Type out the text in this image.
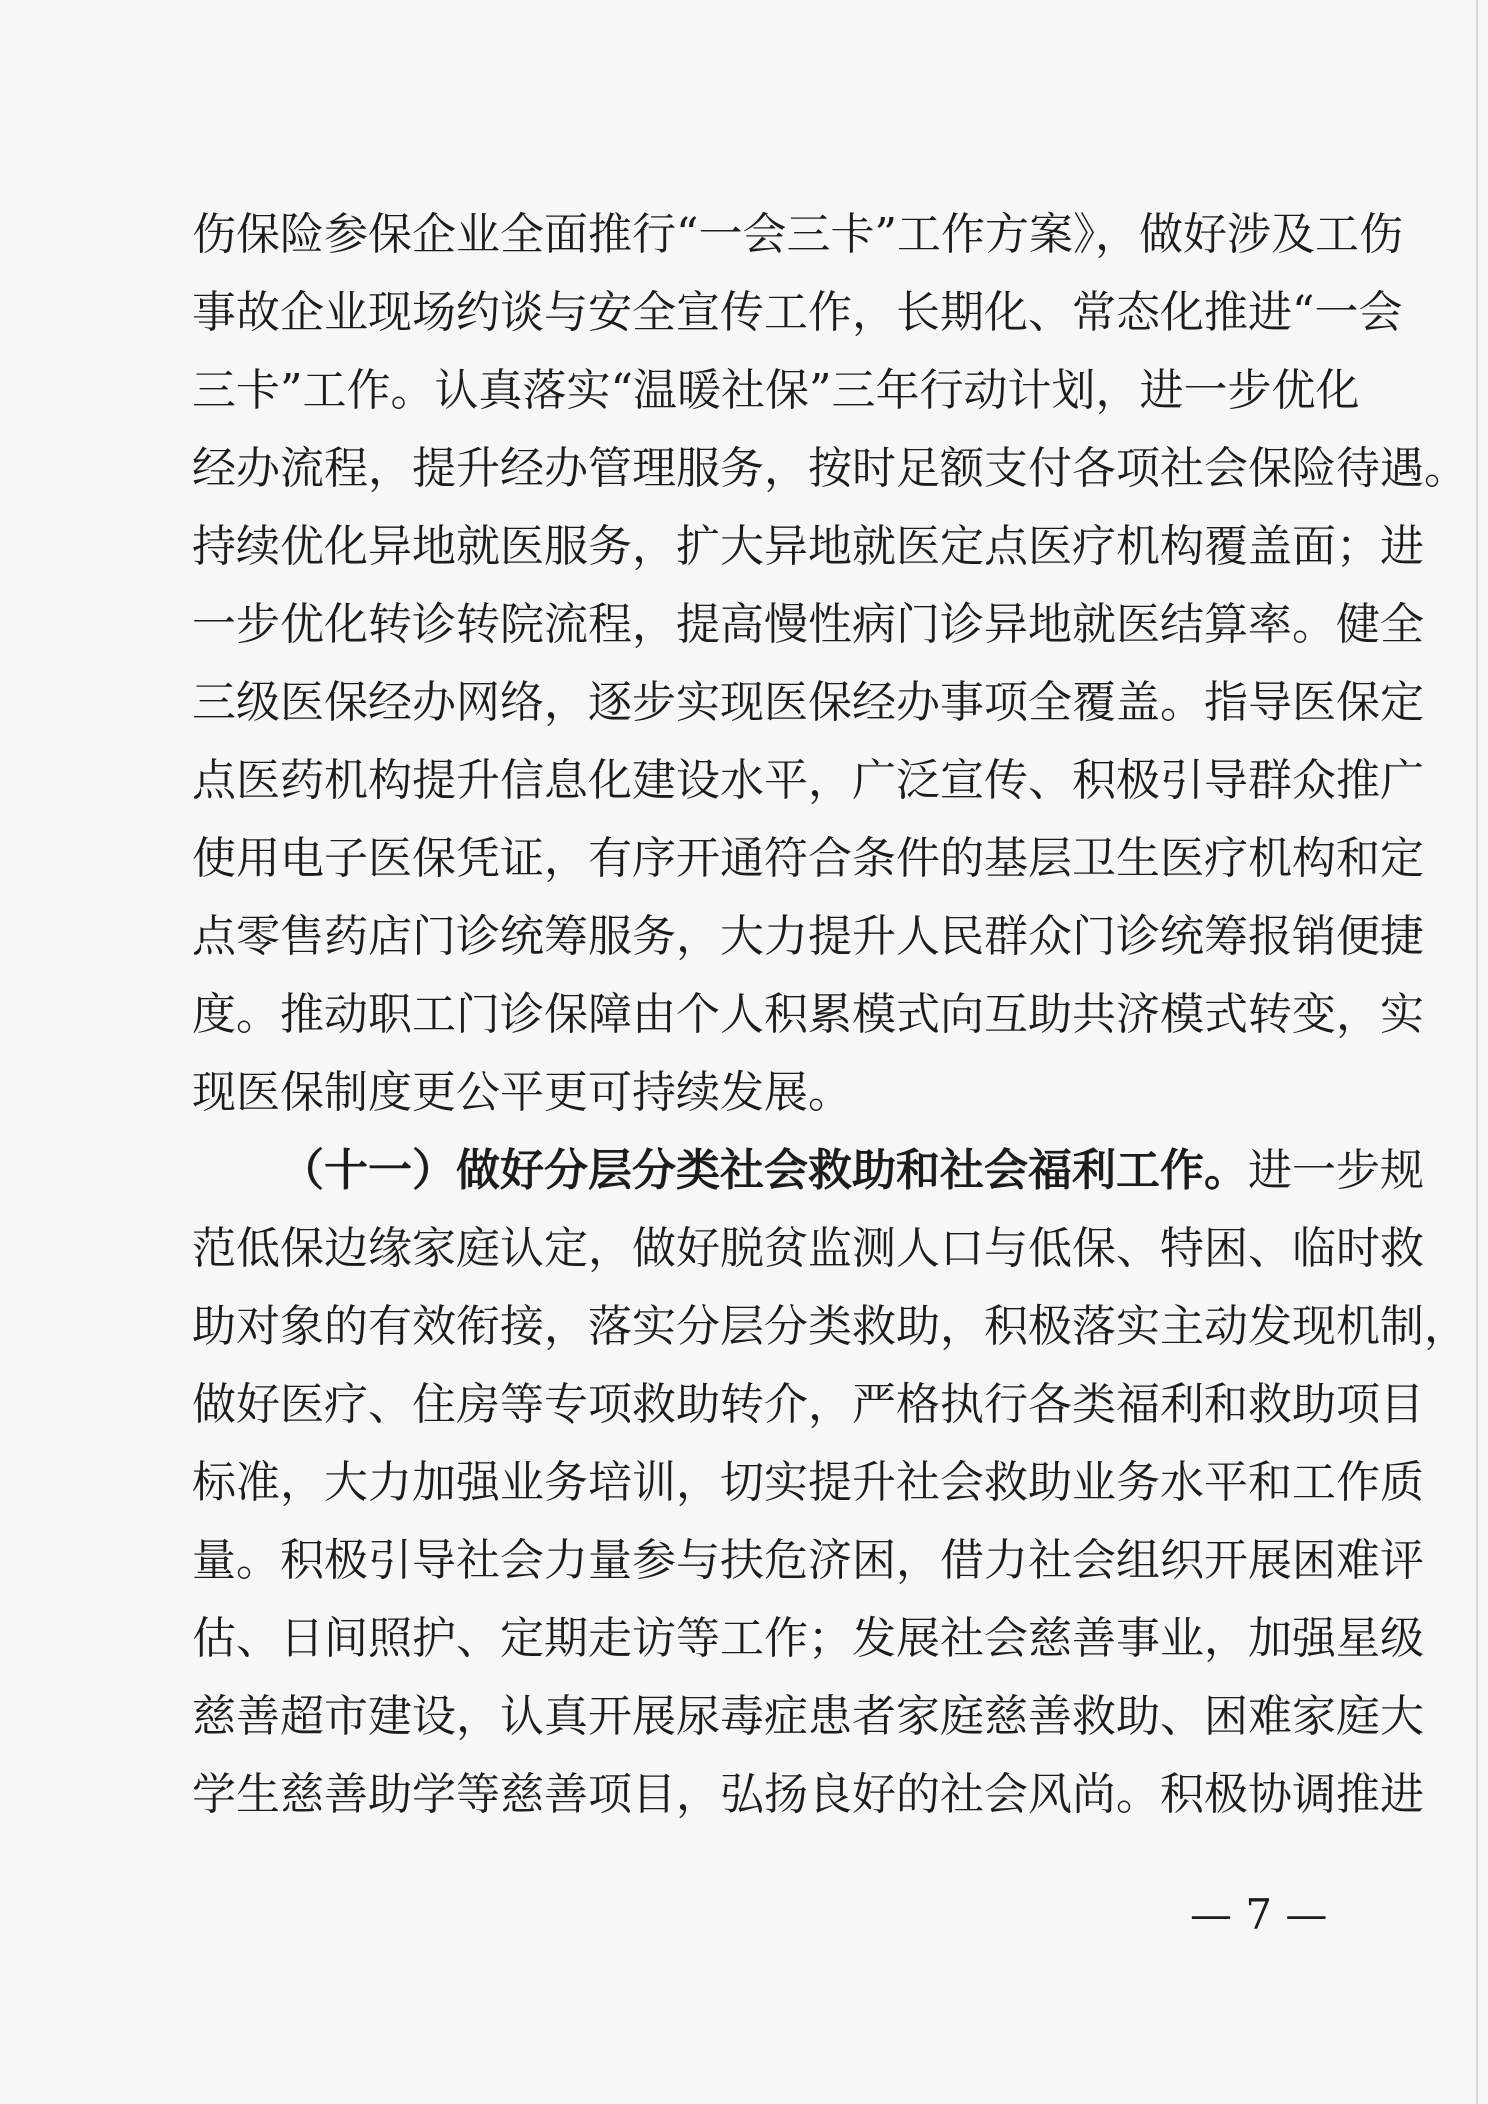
伤保险参保企业全面推行“一会三卡”工作方案》，做好涉及工伤
事故企业现场约谈与安全宣传工作，长期化、常态化推进“一会
三卡”工作。认真落实“温暖社保”三年行动计划，进一步优化
经办流程，提升经办管理服务，按时足额支付各项社会保险待遇。
持续优化异地就医服务，扩大异地就医定点医疗机构覆盖面；进
一步优化转诊转院流程，提高慢性病门诊异地就医结算率。健全
三级医保经办网络，逐步实现医保经办事项全覆盖。指导医保定
点医药机构提升信息化建设水平，广泛宣传、积极引导群众推广
使用电子医保凭证，有序开通符合条件的基层卫生医疗机构和定
点零售药店门诊统筹服务，大力提升人民群众门诊统筹报销便捷
度。推动职工门诊保障由个人积累模式向互助共济模式转变，实
现医保制度更公平更可持续发展。
（十一）做好分层分类社会救助和社会福利工作。进一步规
范低保边缘家庭认定，做好脱贫监测人口与低保、特困、临时救
助对象的有效衔接，落实分层分类救助，积极落实主动发现机制，
做好医疗、住房等专项救助转介，严格执行各类福利和救助项目
标准，大力加强业务培训，切实提升社会救助业务水平和工作质
量。积极引导社会力量参与扶危济困，借力社会组织开展困难评
估、日间照护、定期走访等工作；发展社会慈善事业，加强星级
慈善超市建设，认真开展尿毒症患者家庭慈善救助、困难家庭大
学生慈善助学等慈善项目，弘扬良好的社会风尚。积极协调推进
— 7 —
